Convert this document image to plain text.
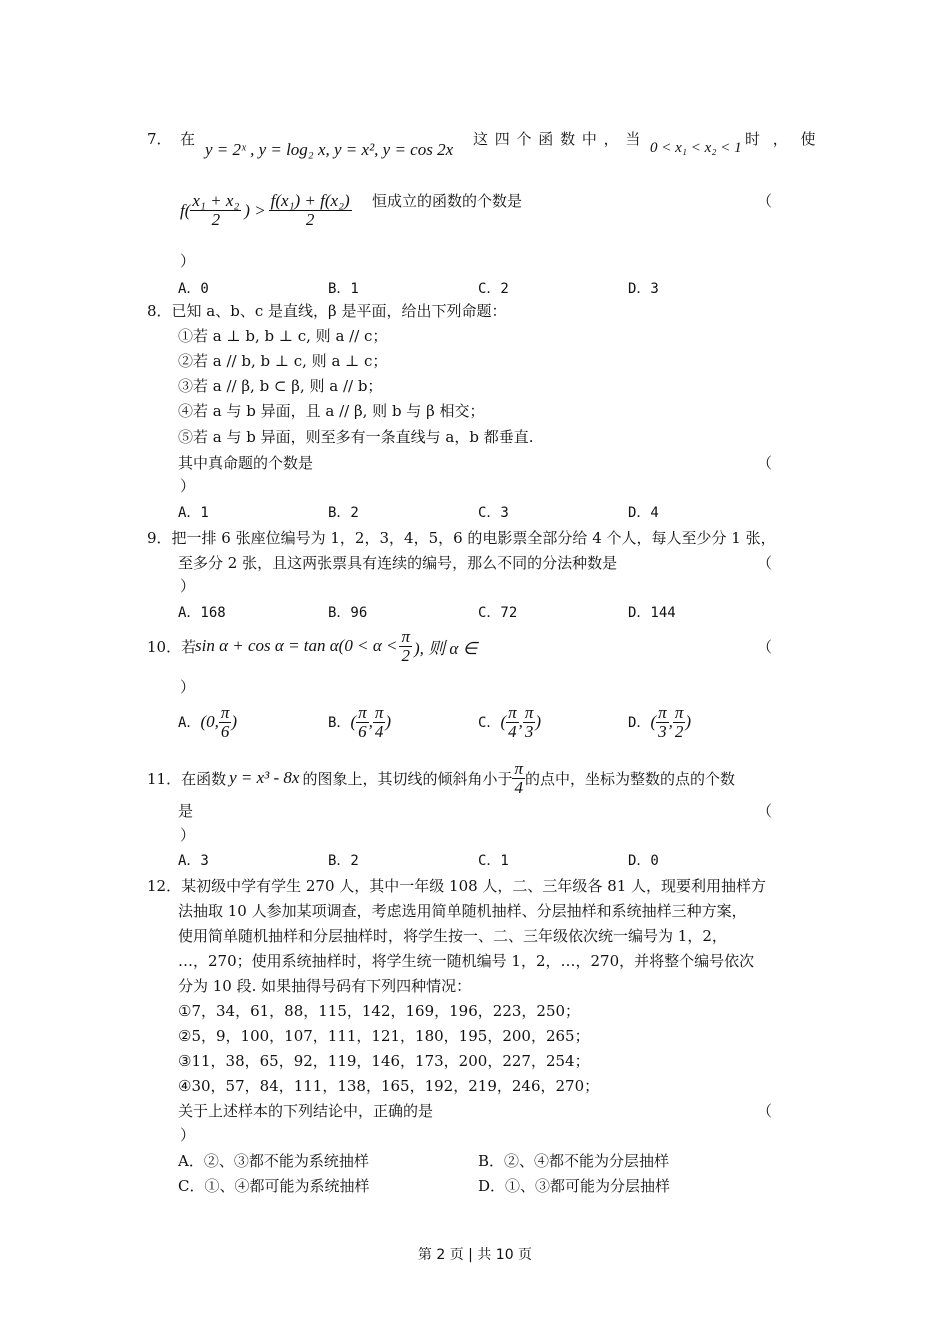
7． 在
y = 2ˣ , y = log₂ x, y = x², y = cos 2x
这 四 个 函 数 中 ， 当 0 < x₁ < x₂ < 1 时 ， 使
$f( \frac{\text{x₁ + x₂}}{2}$ ) > $\frac{\text{f(x₁) + f(x₂)}}{2}$ 恒成立的函数的个数是	（
）
A．0	B．1	C．2	D．3
8．已知 a、b、c 是直线，β 是平面，给出下列命题：
①若 a ⊥ b, b ⊥ c, 则 a // c；
②若 a // b, b ⊥ c, 则 a ⊥ c；
③若 a // β, b ⊂ β, 则 a // b；
④若 a 与 b 异面，且 a // β, 则 b 与 β 相交；
⑤若 a 与 b 异面，则至多有一条直线与 a，b 都垂直.
其中真命题的个数是	（
）
A．1	B．2	C．3	D．4
9．把一排 6 张座位编号为 1，2，3，4，5，6 的电影票全部分给 4 个人，每人至少分 1 张，
至多分 2 张，且这两张票具有连续的编号，那么不同的分法种数是	（
）
A．168	B．96	C．72	D．144
10．若
$\sin \alpha + \cos \alpha = \tan \alpha(0 < \alpha < \frac{\pi}{2}$ ), 则 α ∈	（
）
A． (0, $\frac{\pi}{6}$ )	B． ( $\frac{\pi}{6}$ , $\frac{\pi}{4}$ )	C． ( $\frac{\pi}{4}$ , $\frac{\pi}{3}$ )	D． ( $\frac{\pi}{3}$ , $\frac{\pi}{2}$ )
11．在函数 y = x³ - 8x 的图象上，其切线的倾斜角小于 $\frac{\pi}{4}$ 的点中，坐标为整数的点的个数
是	（
）
A．3	B．2	C．1	D．0
12．某初级中学有学生 270 人，其中一年级 108 人，二、三年级各 81 人，现要利用抽样方
法抽取 10 人参加某项调查，考虑选用简单随机抽样、分层抽样和系统抽样三种方案，
使用简单随机抽样和分层抽样时，将学生按一、二、三年级依次统一编号为 1，2，
…，270；使用系统抽样时，将学生统一随机编号 1，2，…，270，并将整个编号依次
分为 10 段. 如果抽得号码有下列四种情况：
①7，34，61，88，115，142，169，196，223，250；
②5，9，100，107，111，121，180，195，200，265；
③11，38，65，92，119，146，173，200，227，254；
④30，57，84，111，138，165，192，219，246，270；
关于上述样本的下列结论中，正确的是	（
）
A．②、③都不能为系统抽样	B．②、④都不能为分层抽样
C．①、④都可能为系统抽样	D．①、③都可能为分层抽样
第 2 页 | 共 10 页
